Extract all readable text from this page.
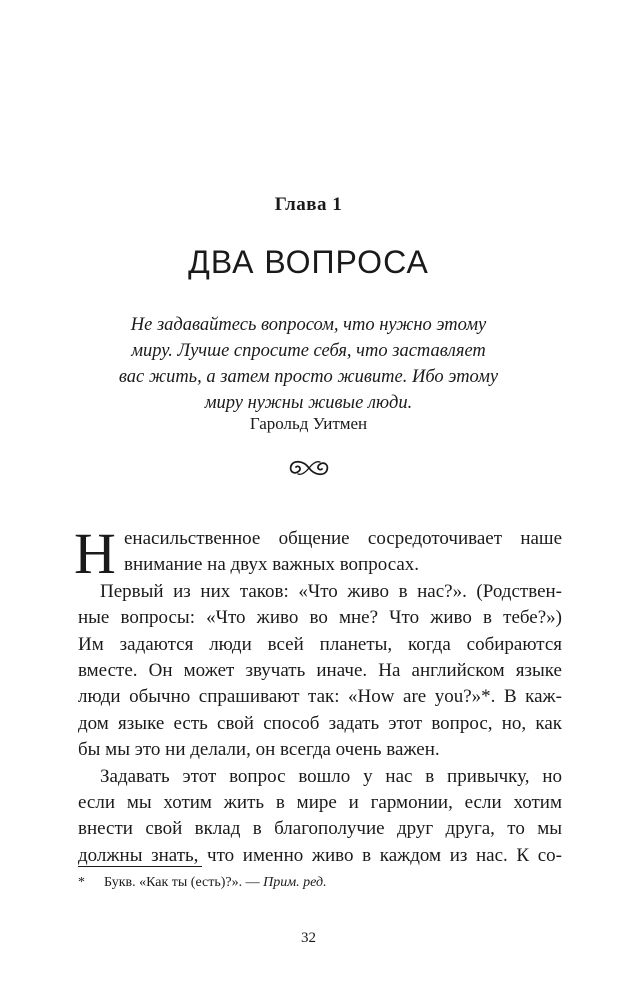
Глава 1
ДВА ВОПРОСА
Не задавайтесь вопросом, что нужно этому
миру. Лучше спросите себя, что заставляет
вас жить, а затем просто живите. Ибо этому
миру нужны живые люди.
Гарольд Уитмен
Н енасильственное общение сосредоточивает наше
внимание на двух важных вопросах.
Первый из них таков: «Что живо в нас?». (Родствен-
ные вопросы: «Что живо во мне? Что живо в тебе?»)
Им задаются люди всей планеты, когда собираются
вместе. Он может звучать иначе. На английском языке
люди обычно спрашивают так: «How are you?»*. В каж-
дом языке есть свой способ задать этот вопрос, но, как
бы мы это ни делали, он всегда очень важен.
Задавать этот вопрос вошло у нас в привычку, но
если мы хотим жить в мире и гармонии, если хотим
внести свой вклад в благополучие друг друга, то мы
должны знать, что именно живо в каждом из нас. К со-
* Букв. «Как ты (есть)?». — Прим. ред.
32
